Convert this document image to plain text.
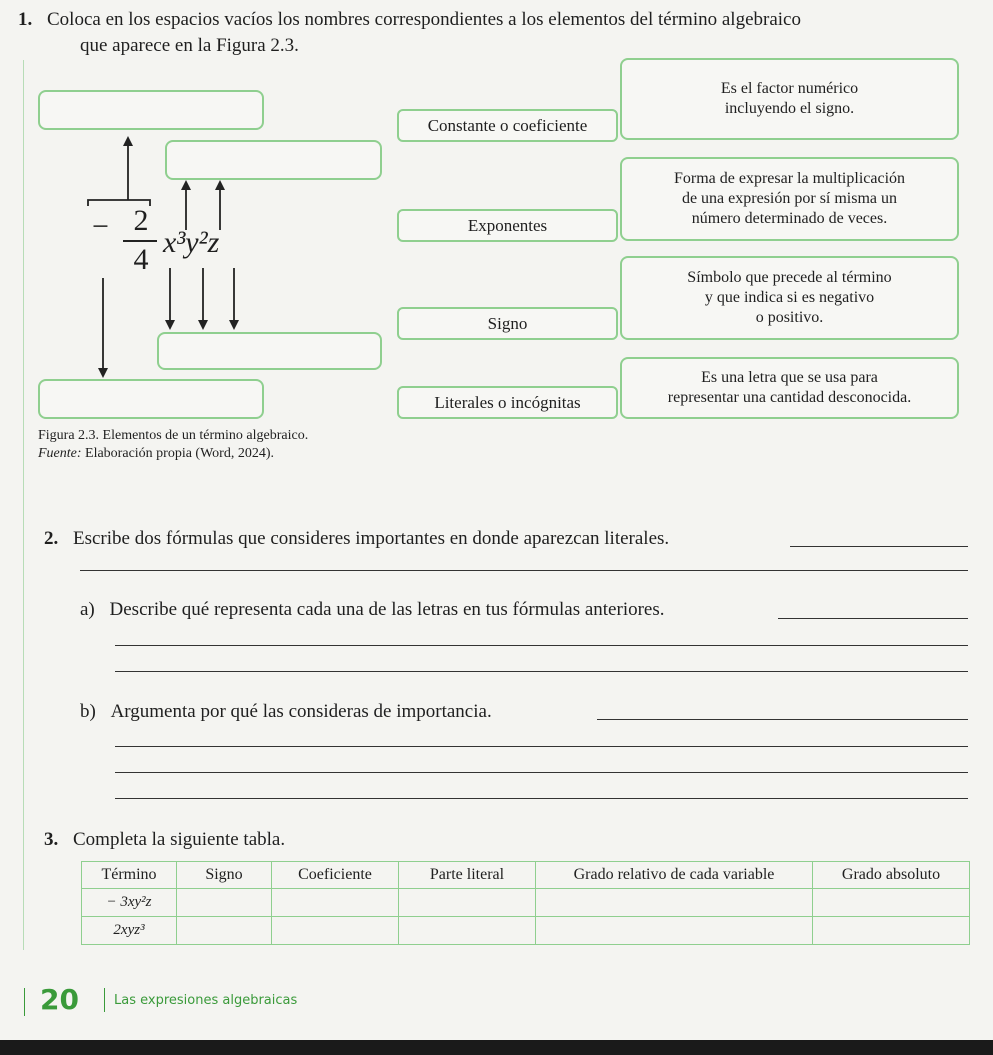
1. Coloca en los espacios vacíos los nombres correspondientes a los elementos del término algebraico
que aparece en la Figura 2.3.
− 2
4
x³y²z
Constante o coeficiente
Exponentes
Signo
Literales o incógnitas
Es el factor numérico
incluyendo el signo.
Forma de expresar la multiplicación
de una expresión por sí misma un
número determinado de veces.
Símbolo que precede al término
y que indica si es negativo
o positivo.
Es una letra que se usa para
representar una cantidad desconocida.
Figura 2.3. Elementos de un término algebraico.
Fuente: Elaboración propia (Word, 2024).
2. Escribe dos fórmulas que consideres importantes en donde aparezcan literales.
a) Describe qué representa cada una de las letras en tus fórmulas anteriores.
b) Argumenta por qué las consideras de importancia.
3. Completa la siguiente tabla.
Término	Signo	Coeficiente	Parte literal	Grado relativo de cada variable	Grado absoluto
− 3xy²z					
2xyz³					
20	Las expresiones algebraicas
